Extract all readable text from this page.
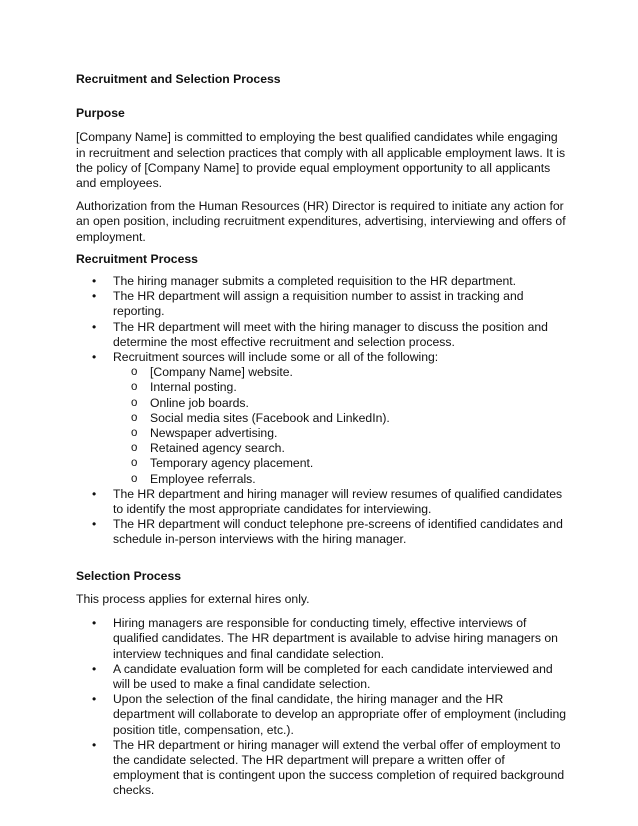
Recruitment and Selection Process
Purpose

[Company Name] is committed to employing the best qualified candidates while engaging in recruitment and selection practices that comply with all applicable employment laws. It is the policy of [Company Name] to provide equal employment opportunity to all applicants and employees.

Authorization from the Human Resources (HR) Director is required to initiate any action for an open position, including recruitment expenditures, advertising, interviewing and offers of employment.

Recruitment Process
• The hiring manager submits a completed requisition to the HR department.
• The HR department will assign a requisition number to assist in tracking and reporting.
• The HR department will meet with the hiring manager to discuss the position and determine the most effective recruitment and selection process.
• Recruitment sources will include some or all of the following:
o [Company Name] website.
o Internal posting.
o Online job boards.
o Social media sites (Facebook and LinkedIn).
o Newspaper advertising.
o Retained agency search.
o Temporary agency placement.
o Employee referrals.
• The HR department and hiring manager will review resumes of qualified candidates to identify the most appropriate candidates for interviewing.
• The HR department will conduct telephone pre-screens of identified candidates and schedule in-person interviews with the hiring manager.
Selection Process

This process applies for external hires only.

• Hiring managers are responsible for conducting timely, effective interviews of qualified candidates. The HR department is available to advise hiring managers on interview techniques and final candidate selection.
• A candidate evaluation form will be completed for each candidate interviewed and will be used to make a final candidate selection.
• Upon the selection of the final candidate, the hiring manager and the HR department will collaborate to develop an appropriate offer of employment (including position title, compensation, etc.).
• The HR department or hiring manager will extend the verbal offer of employment to the candidate selected. The HR department will prepare a written offer of employment that is contingent upon the success completion of required background checks.
